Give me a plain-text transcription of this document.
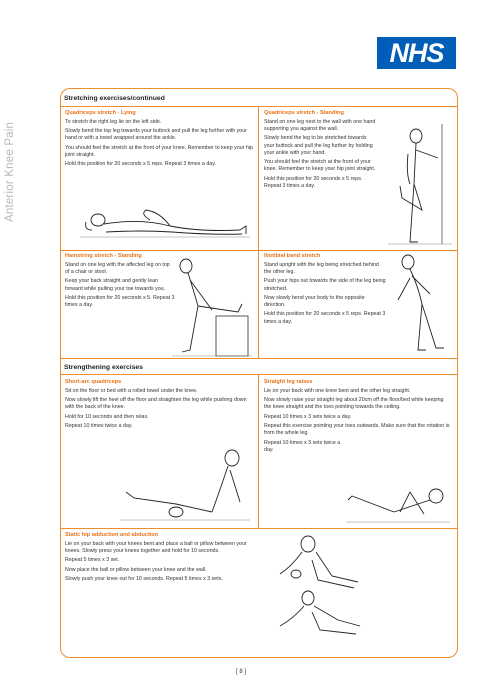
Anterior Knee Pain
NHS
Stretching exercises/continued
Quadriceps stretch - Lying

To stretch the right leg lie on the left side.

Slowly bend the top leg towards your buttock and pull the leg further with your hand or with a towel wrapped around the ankle.

You should feel the stretch at the front of your knee. Remember to keep your hip joint straight.

Hold this position for 20 seconds x 5 reps. Repeat 3 times a day.

Quadriceps stretch - Standing

Stand on one leg next to the wall with one hand supporting you against the wall.

Slowly bend the leg to be stretched towards your buttock and pull the leg further by holding your ankle with your hand.

You should feel the stretch at the front of your knee. Remember to keep your hip joint straight.

Hold this position for 20 seconds x 5 reps. Repeat 3 times a day.

Hamstring stretch - Standing

Stand on one leg with the affected leg on top of a chair or stool.

Keep your back straight and gently lean forward while pulling your toe towards you.

Hold this position for 20 seconds x 5. Repeat 3 times a day.

Iliotibial band stretch

Stand upright with the leg being stretched behind the other leg.

Push your hips out towards the side of the leg being stretched.

Now slowly bend your body to the opposite direction.

Hold this position for 20 seconds x 5 reps. Repeat 3 times a day.

Strengthening exercises
Short-arc quadriceps

Sit on the floor or bed with a rolled towel under the knee.

Now slowly lift the heel off the floor and straighten the leg while pushing down with the back of the knee.

Hold for 10 seconds and then relax.

Repeat 10 times twice a day.

Straight leg raises

Lie on your back with one knee bent and the other leg straight.

Now slowly raise your straight leg about 20cm off the floor/bed while keeping the knee straight and the toes pointing towards the ceiling.

Repeat 10 times x 3 sets twice a day.

Repeat this exercise pointing your toes outwards. Make sure that the rotation is from the whole leg.

Repeat 10 times x 3 sets twice a day.

Static hip adduction and abduction

Lie on your back with your knees bent and place a ball or pillow between your knees. Slowly press your knees together and hold for 10 seconds.

Repeat 5 times x 3 set.

Now place the ball or pillow between your knee and the wall.

Slowly push your knee out for 10 seconds. Repeat 5 times x 3 sets.

[ 8 ]
